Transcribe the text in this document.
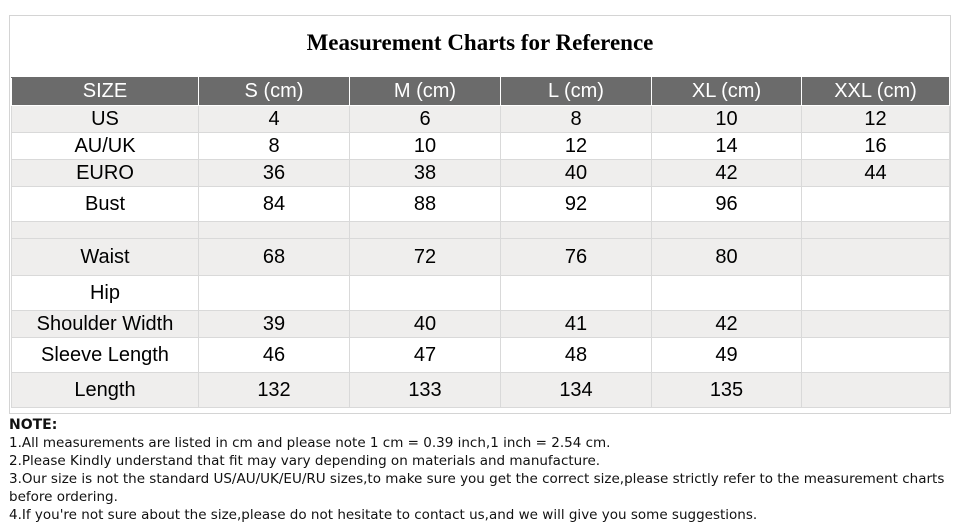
Measurement Charts for Reference
SIZE	S (cm)	M (cm)	L (cm)	XL (cm)	XXL (cm)
US	4	6	8	10	12
AU/UK	8	10	12	14	16
EURO	36	38	40	42	44
Bust	84	88	92	96	

Waist	68	72	76	80	
Hip					
Shoulder Width	39	40	41	42	
Sleeve Length	46	47	48	49	
Length	132	133	134	135	
NOTE:
1.All measurements are listed in cm and please note 1 cm = 0.39 inch,1 inch = 2.54 cm.
2.Please Kindly understand that fit may vary depending on materials and manufacture.
3.Our size is not the standard US/AU/UK/EU/RU sizes,to make sure you get the correct size,please strictly refer to the measurement charts before ordering.
4.If you're not sure about the size,please do not hesitate to contact us,and we will give you some suggestions.
